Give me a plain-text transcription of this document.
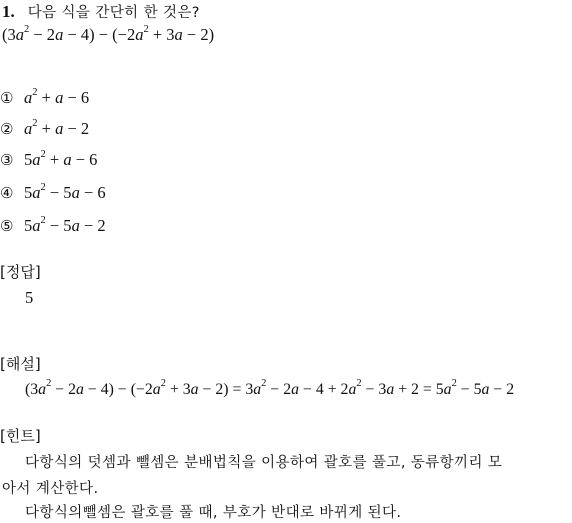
1. 다음 식을 간단히 한 것은?
$(3a^2 - 2a - 4) - (-2a^2 + 3a - 2)$
① $a^2 + a - 6$
② $a^2 + a - 2$
③ $5a^2 + a - 6$
④ $5a^2 - 5a - 6$
⑤ $5a^2 - 5a - 2$
[정답]
5
[해설]
$(3a^2 - 2a - 4) - (-2a^2 + 3a - 2) = 3a^2 - 2a - 4 + 2a^2 - 3a + 2 = 5a^2 - 5a - 2$
[힌트]
다항식의 덧셈과 뺄셈은 분배법칙을 이용하여 괄호를 풀고, 동류항끼리 모
아서 계산한다.
다항식의뺄셈은 괄호를 풀 때, 부호가 반대로 바뀌게 된다.
